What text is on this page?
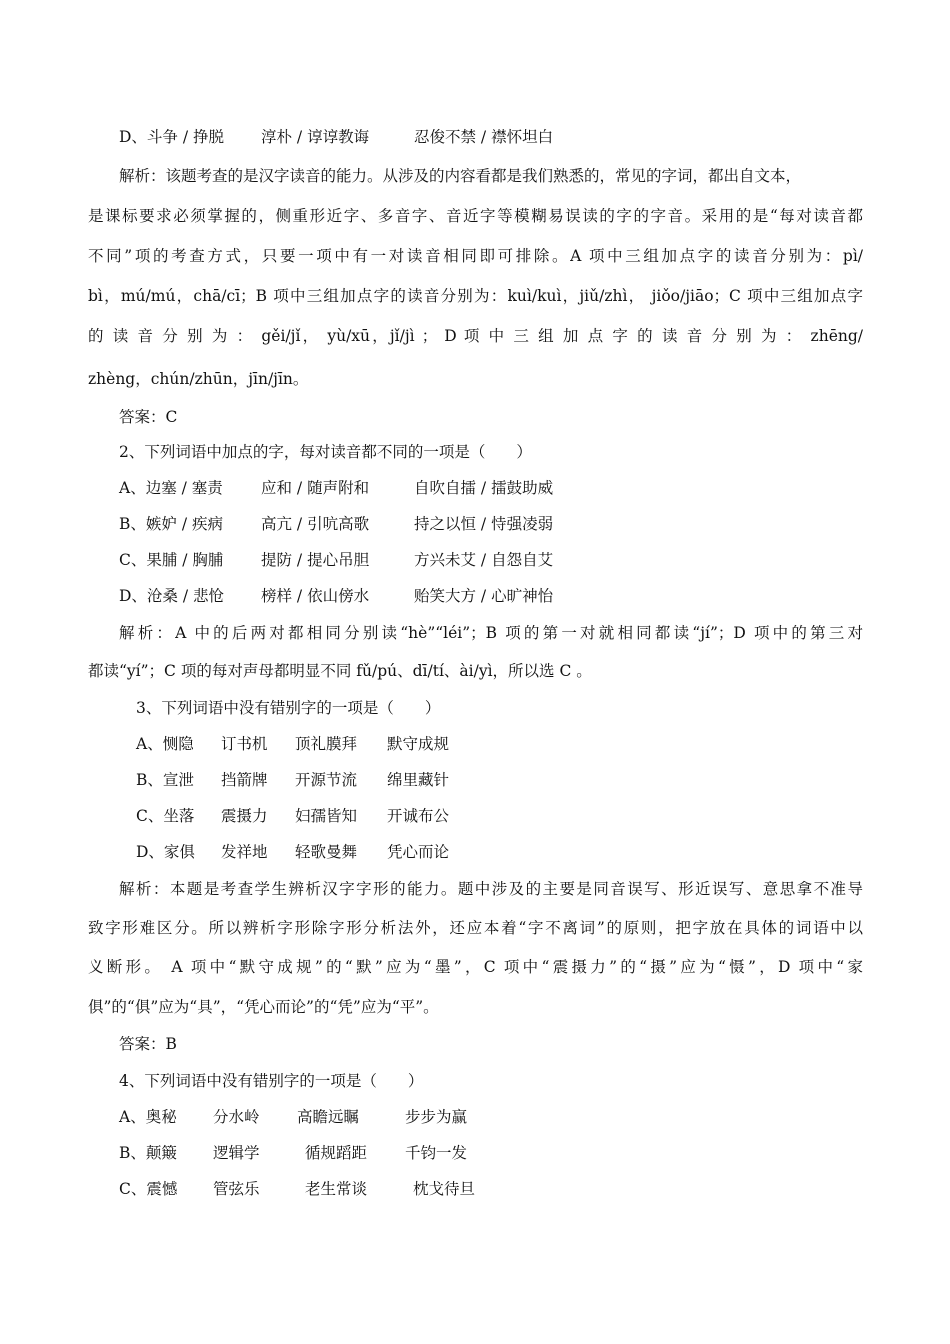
D、斗争 / 挣脱 淳朴 / 谆谆教诲	忍俊不禁 / 襟怀坦白
解析：该题考查的是汉字读音的能力。从涉及的内容看都是我们熟悉的，常见的字词，都出自文本，
是课标要求必须掌握的，侧重形近字、多音字、音近字等模糊易误读的字的字音。采用的是“每对读音都
不同”项的考查方式，只要一项中有一对读音相同即可排除。A 项中三组加点字的读音分别为：pì/
bì，mú/mú，chā/cī；B 项中三组加点字的读音分别为：kuì/kuì，jiǔ/zhì， jiǒo/jiāo；C 项中三组加点字
的 读 音 分 别 为 ： gěi/jǐ， yù/xū，jǐ/jì ； D 项 中 三 组 加 点 字 的 读 音 分 别 为 ： zhēng/
zhèng，chún/zhūn，jīn/jīn。
答案：C
2、下列词语中加点的字，每对读音都不同的一项是（　　）
A、边塞 / 塞责 应和 / 随声附和	自吹自擂 / 擂鼓助威
B、嫉妒 / 疾病 高亢 / 引吭高歌	持之以恒 / 恃强凌弱
C、果脯 / 胸脯 提防 / 提心吊胆	方兴未艾 / 自怨自艾
D、沧桑 / 悲怆 榜样 / 依山傍水	贻笑大方 / 心旷神怡
解析：A 中的后两对都相同分别读“hè”“léi”；B 项的第一对就相同都读“jí”；D 项中的第三对
都读“yí”；C 项的每对声母都明显不同 fǔ/pú、dī/tí、ài/yì，所以选 C 。
3、下列词语中没有错别字的一项是（　　）
A、恻隐 订书机 顶礼膜拜 默守成规
B、宣泄 挡箭牌 开源节流 绵里藏针
C、坐落 震摄力 妇孺皆知 开诚布公
D、家俱 发祥地 轻歌曼舞 凭心而论
解析：本题是考查学生辨析汉字字形的能力。题中涉及的主要是同音误写、形近误写、意思拿不准导
致字形难区分。所以辨析字形除字形分析法外，还应本着“字不离词”的原则，把字放在具体的词语中以
义断形。 A 项中“默守成规”的“默”应为“墨”，C 项中“震摄力”的“摄”应为“慑”，D 项中“家
俱”的“俱”应为“具”，“凭心而论”的“凭”应为“平”。
答案：B
4、下列词语中没有错别字的一项是（　　）
A、奥秘 分水岭 高瞻远瞩	步步为赢
B、颠簸 逻辑学	循规蹈距 千钧一发
C、震憾 管弦乐	老生常谈	枕戈待旦
